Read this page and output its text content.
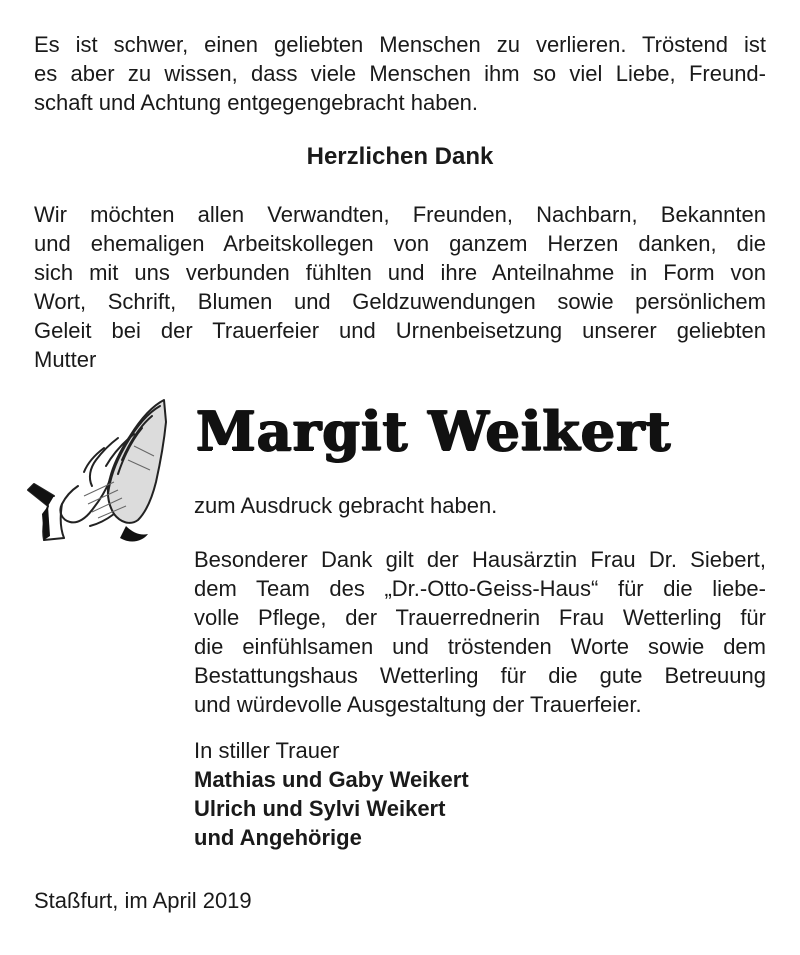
Es ist schwer, einen geliebten Menschen zu verlieren. Tröstend ist
es aber zu wissen, dass viele Menschen ihm so viel Liebe, Freund-
schaft und Achtung entgegengebracht haben.
Herzlichen Dank
Wir möchten allen Verwandten, Freunden, Nachbarn, Bekannten
und ehemaligen Arbeitskollegen von ganzem Herzen danken, die
sich mit uns verbunden fühlten und ihre Anteilnahme in Form von
Wort, Schrift, Blumen und Geldzuwendungen sowie persönlichem
Geleit bei der Trauerfeier und Urnenbeisetzung unserer geliebten
Mutter
Margit Weikert
zum Ausdruck gebracht haben.
Besonderer Dank gilt der Hausärztin Frau Dr. Siebert,
dem Team des „Dr.-Otto-Geiss-Haus“ für die liebe-
volle Pflege, der Trauerrednerin Frau Wetterling für
die einfühlsamen und tröstenden Worte sowie dem
Bestattungshaus Wetterling für die gute Betreuung
und würdevolle Ausgestaltung der Trauerfeier.
In stiller Trauer
Mathias und Gaby Weikert
Ulrich und Sylvi Weikert
und Angehörige
Staßfurt, im April 2019
